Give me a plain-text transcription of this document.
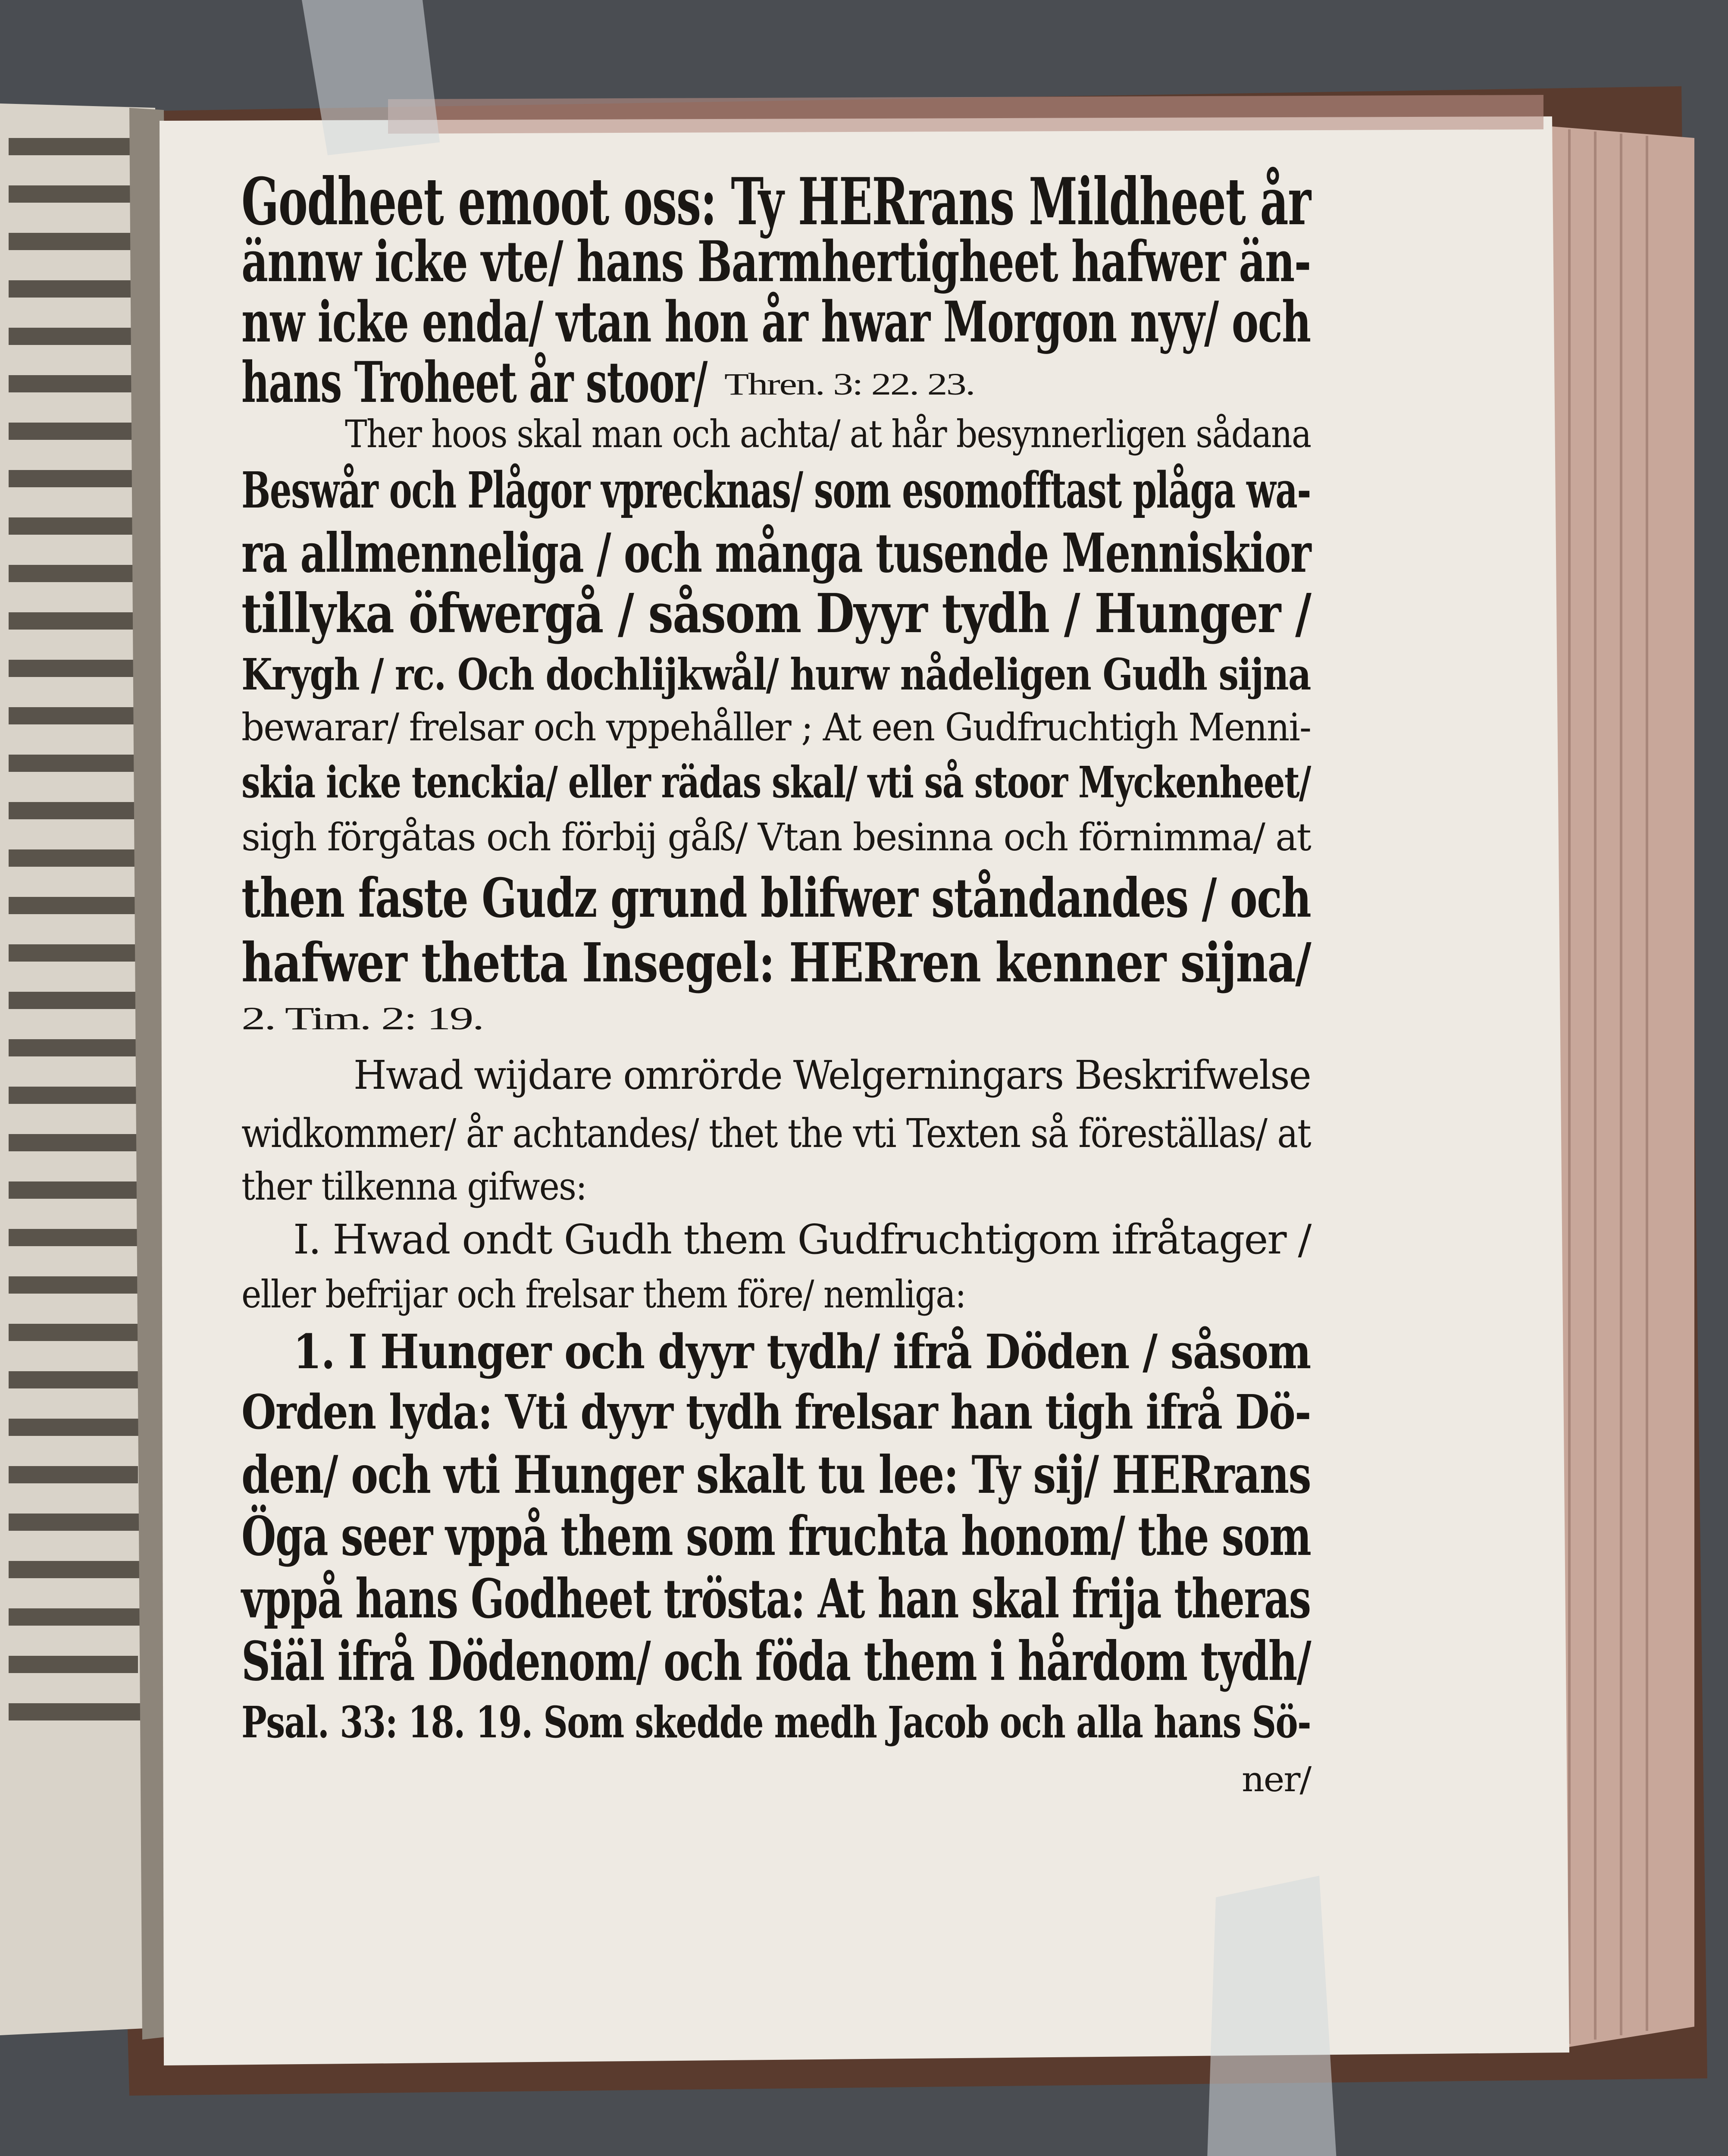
Godheet emoot oss: Ty HERrans Mildheet år
ännw icke vte/ hans Barmhertigheet hafwer än-
nw icke enda/ vtan hon år hwar Morgon nyy/ och
hans Troheet år stoor/ Thren. 3: 22. 23.
Ther hoos skal man och achta/ at hår besynnerligen sådana
Beswår och Plågor vprecknas/ som esomofftast plåga wa-
ra allmenneliga / och många tusende Menniskior
tillyka öfwergå / såsom Dyyr tydh / Hunger /
Krygh / rc. Och dochlijkwål/ hurw nådeligen Gudh sijna
bewarar/ frelsar och vppehåller ; At een Gudfruchtigh Menni-
skia icke tenckia/ eller rädas skal/ vti så stoor Myckenheet/
sigh förgåtas och förbij gåß/ Vtan besinna och förnimma/ at
then faste Gudz grund blifwer ståndandes / och
hafwer thetta Insegel: HERren kenner sijna/
2. Tim. 2: 19.
Hwad wijdare omrörde Welgerningars Beskrifwelse
widkommer/ år achtandes/ thet the vti Texten så föreställas/ at
ther tilkenna gifwes:
I. Hwad ondt Gudh them Gudfruchtigom ifråtager /
eller befrijar och frelsar them före/ nemliga:
1. I Hunger och dyyr tydh/ ifrå Döden / såsom
Orden lyda: Vti dyyr tydh frelsar han tigh ifrå Dö-
den/ och vti Hunger skalt tu lee: Ty sij/ HERrans
Öga seer vppå them som fruchta honom/ the som
vppå hans Godheet trösta: At han skal frija theras
Siäl ifrå Dödenom/ och föda them i hårdom tydh/
Psal. 33: 18. 19. Som skedde medh Jacob och alla hans Sö-
ner/
